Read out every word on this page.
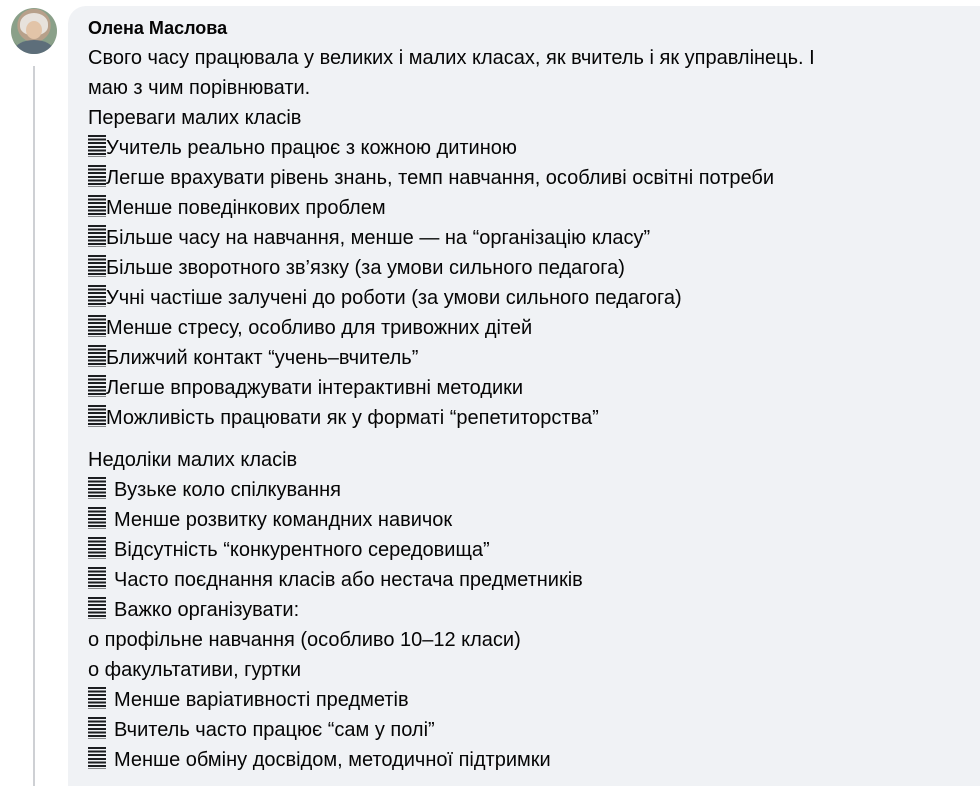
Олена Маслова
Свого часу працювала у великих і малих класах, як вчитель і як управлінець. І
маю з чим порівнювати.
Переваги малих класів
Учитель реально працює з кожною дитиною
Легше врахувати рівень знань, темп навчання, особливі освітні потреби
Менше поведінкових проблем
Більше часу на навчання, менше — на “організацію класу”
Більше зворотного зв’язку (за умови сильного педагога)
Учні частіше залучені до роботи (за умови сильного педагога)
Менше стресу, особливо для тривожних дітей
Ближчий контакт “учень–вчитель”
Легше впроваджувати інтерактивні методики
Можливість працювати як у форматі “репетиторства”
Недоліки малих класів
Вузьке коло спілкування
Менше розвитку командних навичок
Відсутність “конкурентного середовища”
Часто поєднання класів або нестача предметників
Важко організувати:
o профільне навчання (особливо 10–12 класи)
o факультативи, гуртки
Менше варіативності предметів
Вчитель часто працює “сам у полі”
Менше обміну досвідом, методичної підтримки
